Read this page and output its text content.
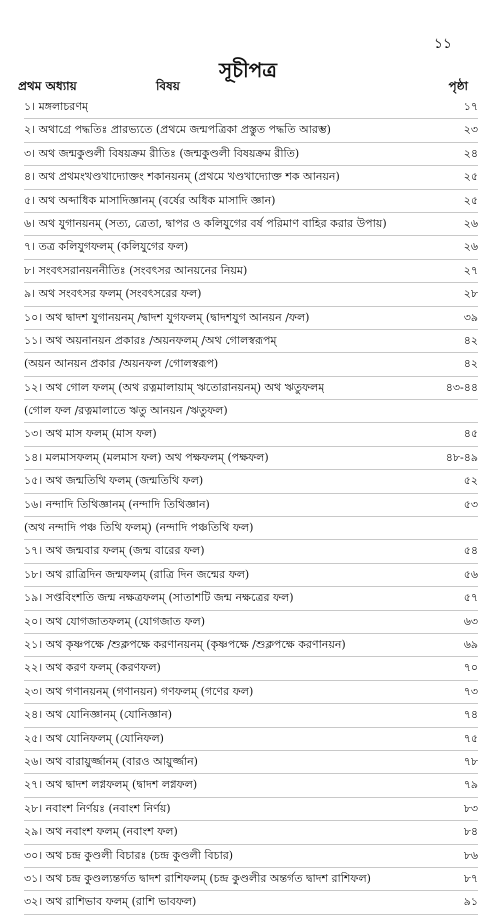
১১
সূচীপত্র
প্রথম অধ্যায়	বিষয়	পৃষ্ঠা
১। মঙ্গলাচরণম্	১৭
২। অথাগ্রে পদ্ধতিঃ প্রারভ্যতে (প্রথমে জন্মপত্রিকা প্রস্তুত পদ্ধতি আরম্ভ)	২৩
৩। অথ জন্মকুণ্ডলী বিষয়ক্রম রীতিঃ (জন্মকুণ্ডলী বিষয়ক্রম রীতি)	২৪
৪। অথ প্রথমংখণ্ডখাদ্যোক্তং শকানয়নম্ (প্রথমে খণ্ডখাদ্যোক্ত শক আনয়ন)	২৫
৫। অথ অব্দাধিক মাসাদিজ্ঞানম্ (বর্ষের অধিক মাসাদি জ্ঞান)	২৫
৬। অথ যুগানয়নম্ (সত্য, ত্রেতা, দ্বাপর ও কলিযুগের বর্ষ পরিমাণ বাহির করার উপায়)	২৬
৭। তত্র কলিযুগফলম্ (কলিযুগের ফল)	২৬
৮। সংবৎসরানয়ননীতিঃ (সংবৎসর আনয়নের নিয়ম)	২৭
৯। অথ সংবৎসর ফলম্ (সংবৎসরের ফল)	২৮
১০। অথ দ্বাদশ যুগানয়নম্ /দ্বাদশ যুগফলম্ (দ্বাদশযুগ আনয়ন /ফল)	৩৯
১১। অথ অয়নানয়ন প্রকারঃ /অয়নফলম্ /অথ গোলস্বরূপম্	৪২
(অয়ন আনয়ন প্রকার /অয়নফল /গোলস্বরূপ)	৪২
১২। অথ গোল ফলম্ (অথ রত্নমালায়াম্ ঋতোরানয়নম্) অথ ঋতুফলম্	৪৩-৪৪
(গোল ফল /রত্নমালাতে ঋতু আনয়ন /ঋতুফল)
১৩। অথ মাস ফলম্ (মাস ফল)	৪৫
১৪। মলমাসফলম্ (মলমাস ফল) অথ পক্ষফলম্ (পক্ষফল)	৪৮-৪৯
১৫। অথ জন্মতিথি ফলম্ (জন্মতিথি ফল)	৫২
১৬। নন্দাদি তিথিজ্ঞানম্ (নন্দাদি তিথিজ্ঞান)	৫৩
(অথ নন্দাদি পঞ্চ তিথি ফলম্) (নন্দাদি পঞ্চতিথি ফল)
১৭। অথ জন্মবার ফলম্ (জন্ম বারের ফল)	৫৪
১৮। অথ রাত্রিদিন জন্মফলম্ (রাত্রি দিন জন্মের ফল)	৫৬
১৯। সপ্তবিংশতি জন্ম নক্ষত্রফলম্ (সাতাশটি জন্ম নক্ষত্রের ফল)	৫৭
২০। অথ যোগজাতফলম্ (যোগজাত ফল)	৬৩
২১। অথ কৃষ্ণপক্ষে /শুক্লপক্ষে করণানয়নম্ (কৃষ্ণপক্ষে /শুক্লপক্ষে করণানয়ন)	৬৯
২২। অথ করণ ফলম্ (করণফল)	৭০
২৩। অথ গণানয়নম্ (গণানয়ন) গণফলম্ (গণের ফল)	৭৩
২৪। অথ যোনিজ্ঞানম্ (যোনিজ্ঞান)	৭৪
২৫। অথ যোনিফলম্ (যোনিফল)	৭৫
২৬। অথ বারায়ুর্জ্জানম্ (বারও আয়ুর্জ্জান)	৭৮
২৭। অথ দ্বাদশ লগ্নফলম্ (দ্বাদশ লগ্নফল)	৭৯
২৮। নবাংশ নির্ণয়ঃ (নবাংশ নির্ণয়)	৮৩
২৯। অথ নবাংশ ফলম্ (নবাংশ ফল)	৮৪
৩০। অথ চন্দ্র কুণ্ডলী বিচারঃ (চন্দ্র কুণ্ডলী বিচার)	৮৬
৩১। অথ চন্দ্র কুণ্ডল্যন্তর্গত দ্বাদশ রাশিফলম্ (চন্দ্র কুণ্ডলীর অন্তর্গত দ্বাদশ রাশিফল)	৮৭
৩২। অথ রাশিভাব ফলম্ (রাশি ভাবফল)	৯১
